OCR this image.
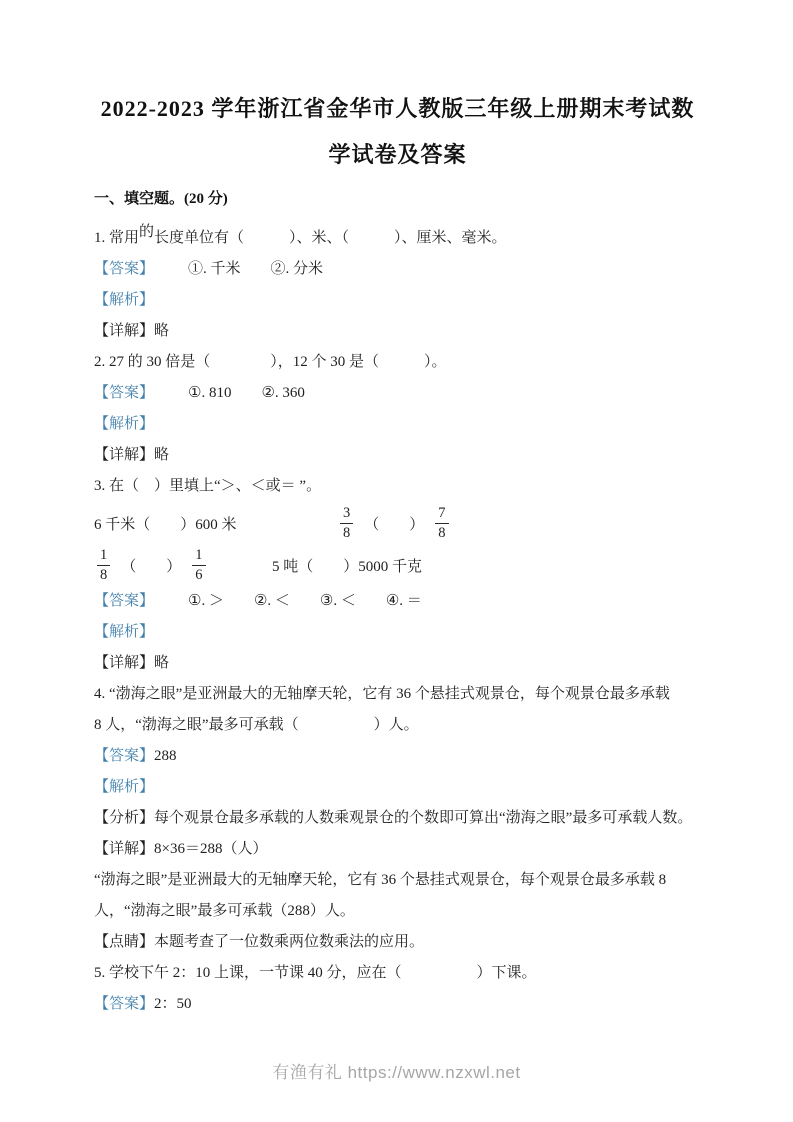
2022-2023 学年浙江省金华市人教版三年级上册期末考试数
学试卷及答案
一、填空题。(20 分)

1. 常用的长度单位有（　　　）、米、（　　　）、厘米、毫米。

【答案】 ①. 千米　　②. 分米

【解析】

【详解】略

2. 27 的 30 倍是（　　　　），12 个 30 是（　　　）。

【答案】 ①. 810　　②. 360

【解析】

【详解】略

3. 在（　）里填上“＞、＜或＝ ”。

6 千米（　　）600 米	$\frac{3}{8}$ （　　） $\frac{7}{8}$
$\frac{1}{8}$ （　　） $\frac{1}{6}$	5 吨（　　）5000 千克

【答案】 ①. ＞　　②. ＜　　③. ＜　　④. ＝

【解析】

【详解】略

4. “渤海之眼”是亚洲最大的无轴摩天轮，它有 36 个悬挂式观景仓，每个观景仓最多承载

8 人，“渤海之眼”最多可承载（　　　　　）人。

【答案】288

【解析】

【分析】每个观景仓最多承载的人数乘观景仓的个数即可算出“渤海之眼”最多可承载人数。

【详解】8×36＝288（人）

“渤海之眼”是亚洲最大的无轴摩天轮，它有 36 个悬挂式观景仓，每个观景仓最多承载 8

人，“渤海之眼”最多可承载（288）人。

【点睛】本题考查了一位数乘两位数乘法的应用。

5. 学校下午 2：10 上课，一节课 40 分，应在（　　　　　）下课。

【答案】2：50

有渔有礼 https://www.nzxwl.net
